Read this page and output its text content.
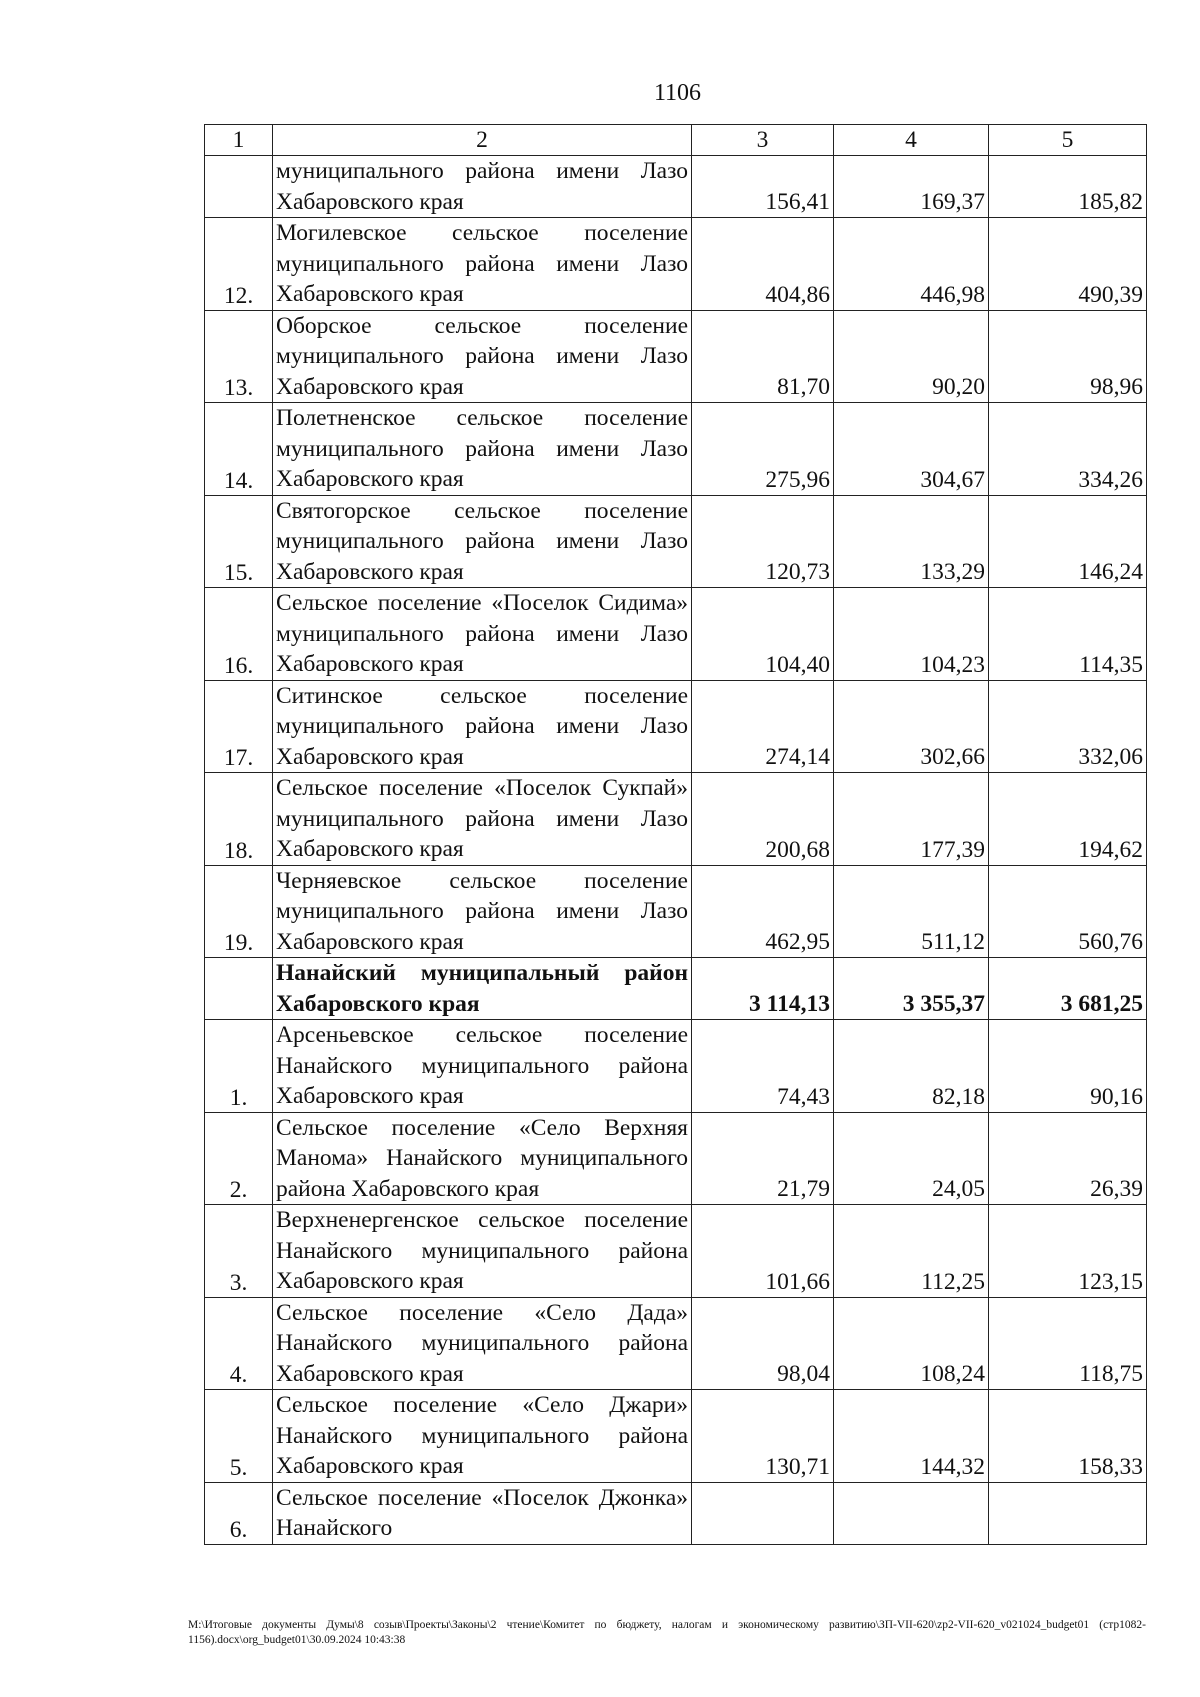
1106
1	2	3	4	5
	муниципального района имени Лазо Хабаровского края	156,41	169,37	185,82
12.	Могилевское сельское поселение муниципального района имени Лазо Хабаровского края	404,86	446,98	490,39
13.	Оборское сельское поселение муниципального района имени Лазо Хабаровского края	81,70	90,20	98,96
14.	Полетненское сельское поселение муниципального района имени Лазо Хабаровского края	275,96	304,67	334,26
15.	Святогорское сельское поселение муниципального района имени Лазо Хабаровского края	120,73	133,29	146,24
16.	Сельское поселение «Поселок Сидима» муниципального района имени Лазо Хабаровского края	104,40	104,23	114,35
17.	Ситинское сельское поселение муниципального района имени Лазо Хабаровского края	274,14	302,66	332,06
18.	Сельское поселение «Поселок Сукпай» муниципального района имени Лазо Хабаровского края	200,68	177,39	194,62
19.	Черняевское сельское поселение муниципального района имени Лазо Хабаровского края	462,95	511,12	560,76
	Нанайский муниципальный район Хабаровского края	3 114,13	3 355,37	3 681,25
1.	Арсеньевское сельское поселение Нанайского муниципального района Хабаровского края	74,43	82,18	90,16
2.	Сельское поселение «Село Верхняя Манома» Нанайского муниципального района Хабаровского края	21,79	24,05	26,39
3.	Верхненергенское сельское поселение Нанайского муниципального района Хабаровского края	101,66	112,25	123,15
4.	Сельское поселение «Село Дада» Нанайского муниципального района Хабаровского края	98,04	108,24	118,75
5.	Сельское поселение «Село Джари» Нанайского муниципального района Хабаровского края	130,71	144,32	158,33
6.	Сельское поселение «Поселок Джонка» Нанайского			
M:\Итоговые документы Думы\8 созыв\Проекты\Законы\2 чтение\Комитет по бюджету, налогам и экономическому развитию\ЗП-VII-620\zp2-VII-620_v021024_budget01 (стр1082-1156).docx\org_budget01\30.09.2024 10:43:38
